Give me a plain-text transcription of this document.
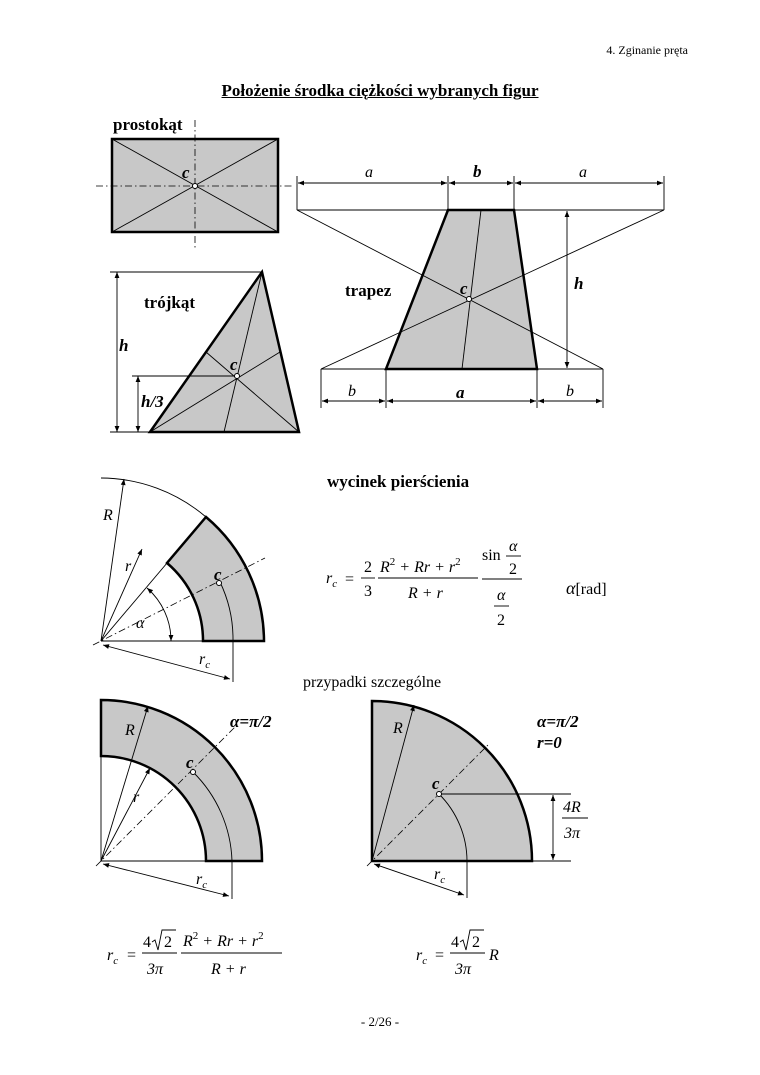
4. Zginanie pręta
Położenie środka ciężkości wybranych figur
prostokąt
c
trójkąt
c
h
h/3
trapez
a	b	a
h
b	a	b
c
wycinek pierścienia
c
R
r
α
$r_c$
$r_c$ =
2
3
$R^2 + Rr + r^2$
R + r
sin
α
2
α
2
α[rad]
przypadki szczególne
c
R
r
$r_c$
α=π/2
c
R
$r_c$
α=π/2
r=0
4R
3π
$r_c$ =
4 2
3π
$R^2 + Rr + r^2$
R + r
$r_c$ =
4 2
3π
R
- 2/26 -
